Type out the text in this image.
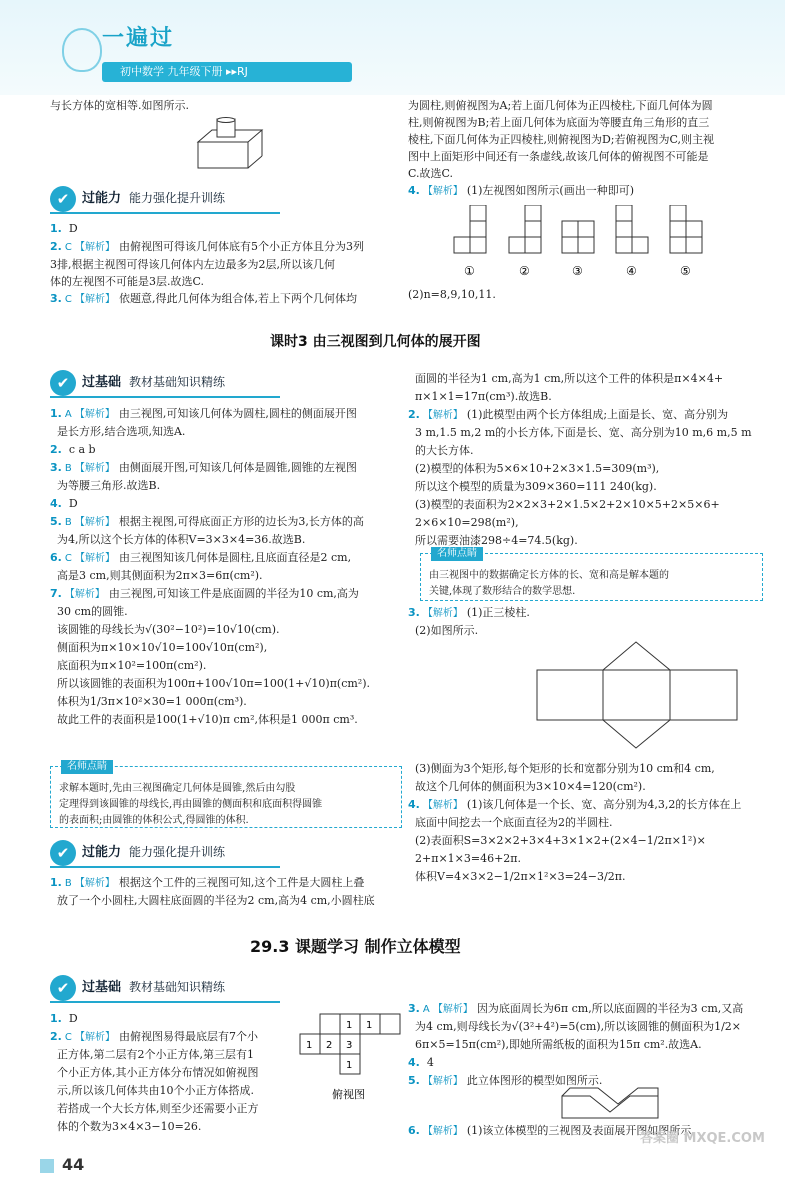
一遍过
初中数学 九年级下册 ▸▸RJ
与长方体的宽相等.如图所示.
✔ 过能力 能力强化提升训练
1. D
2. C 【解析】 由俯视图可得该几何体底有5个小正方体且分为3列
3排,根据主视图可得该几何体内左边最多为2层,所以该几何
体的左视图不可能是3层.故选C.
3. C 【解析】 依题意,得此几何体为组合体,若上下两个几何体均
为圆柱,则俯视图为A;若上面几何体为正四棱柱,下面几何体为圆
柱,则俯视图为B;若上面几何体为底面为等腰直角三角形的直三
棱柱,下面几何体为正四棱柱,则俯视图为D;若俯视图为C,则主视
图中上面矩形中间还有一条虚线,故该几何体的俯视图不可能是
C.故选C.
4. 【解析】 (1)左视图如图所示(画出一种即可)
①	②	③	④	⑤
(2)n=8,9,10,11.
课时3 由三视图到几何体的展开图
✔ 过基础 教材基础知识精练
1. A 【解析】 由三视图,可知该几何体为圆柱,圆柱的侧面展开图
是长方形,结合选项,知选A.
2. c a b
3. B 【解析】 由侧面展开图,可知该几何体是圆锥,圆锥的左视图
为等腰三角形.故选B.
4. D
5. B 【解析】 根据主视图,可得底面正方形的边长为3,长方体的高
为4,所以这个长方体的体积V=3×3×4=36.故选B.
6. C 【解析】 由三视图知该几何体是圆柱,且底面直径是2 cm,
高是3 cm,则其侧面积为2π×3=6π(cm²).
7. 【解析】 由三视图,可知该工件是底面圆的半径为10 cm,高为
30 cm的圆锥.
该圆锥的母线长为√(30²−10²)=10√10(cm).
侧面积为π×10×10√10=100√10π(cm²),
底面积为π×10²=100π(cm²).
所以该圆锥的表面积为100π+100√10π=100(1+√10)π(cm²).
体积为1/3π×10²×30=1 000π(cm³).
故此工件的表面积是100(1+√10)π cm²,体积是1 000π cm³.
名师点睛
求解本题时,先由三视图确定几何体是圆锥,然后由勾股
定理得到该圆锥的母线长,再由圆锥的侧面积和底面积得圆锥
的表面积;由圆锥的体积公式,得圆锥的体积.
✔ 过能力 能力强化提升训练
1. B 【解析】 根据这个工件的三视图可知,这个工件是大圆柱上叠
放了一个小圆柱,大圆柱底面圆的半径为2 cm,高为4 cm,小圆柱底
面圆的半径为1 cm,高为1 cm,所以这个工件的体积是π×4×4+
π×1×1=17π(cm³).故选B.
2. 【解析】 (1)此模型由两个长方体组成;上面是长、宽、高分别为
3 m,1.5 m,2 m的小长方体,下面是长、宽、高分别为10 m,6 m,5 m
的大长方体.
(2)模型的体积为5×6×10+2×3×1.5=309(m³),
所以这个模型的质量为309×360=111 240(kg).
(3)模型的表面积为2×2×3+2×1.5×2+2×10×5+2×5×6+
2×6×10=298(m²),
所以需要油漆298÷4=74.5(kg).
名师点睛
由三视图中的数据确定长方体的长、宽和高是解本题的
关键,体现了数形结合的数学思想.
3. 【解析】 (1)正三棱柱.
(2)如图所示.
(3)侧面为3个矩形,每个矩形的长和宽都分别为10 cm和4 cm,
故这个几何体的侧面积为3×10×4=120(cm²).
4. 【解析】 (1)该几何体是一个长、宽、高分别为4,3,2的长方体在上
底面中间挖去一个底面直径为2的半圆柱.
(2)表面积S=3×2×2+3×4+3×1×2+(2×4−1/2π×1²)×
2+π×1×3=46+2π.
体积V=4×3×2−1/2π×1²×3=24−3/2π.
29.3 课题学习 制作立体模型
✔ 过基础 教材基础知识精练
1. D
2. C 【解析】 由俯视图易得最底层有7个小
正方体,第二层有2个小正方体,第三层有1
个小正方体,其小正方体分布情况如俯视图
示,所以该几何体共由10个小正方体搭成.
若搭成一个大长方体,则至少还需要小正方
体的个数为3×4×3−10=26.
1 1
1 2 3
1
俯视图
3. A 【解析】 因为底面周长为6π cm,所以底面圆的半径为3 cm,又高
为4 cm,则母线长为√(3²+4²)=5(cm),所以该圆锥的侧面积为1/2×
6π×5=15π(cm²),即她所需纸板的面积为15π cm².故选A.
4. 4
5. 【解析】 此立体图形的模型如图所示.
6. 【解析】 (1)该立体模型的三视图及表面展开图如图所示.
44
答案圈 MXQE.COM
